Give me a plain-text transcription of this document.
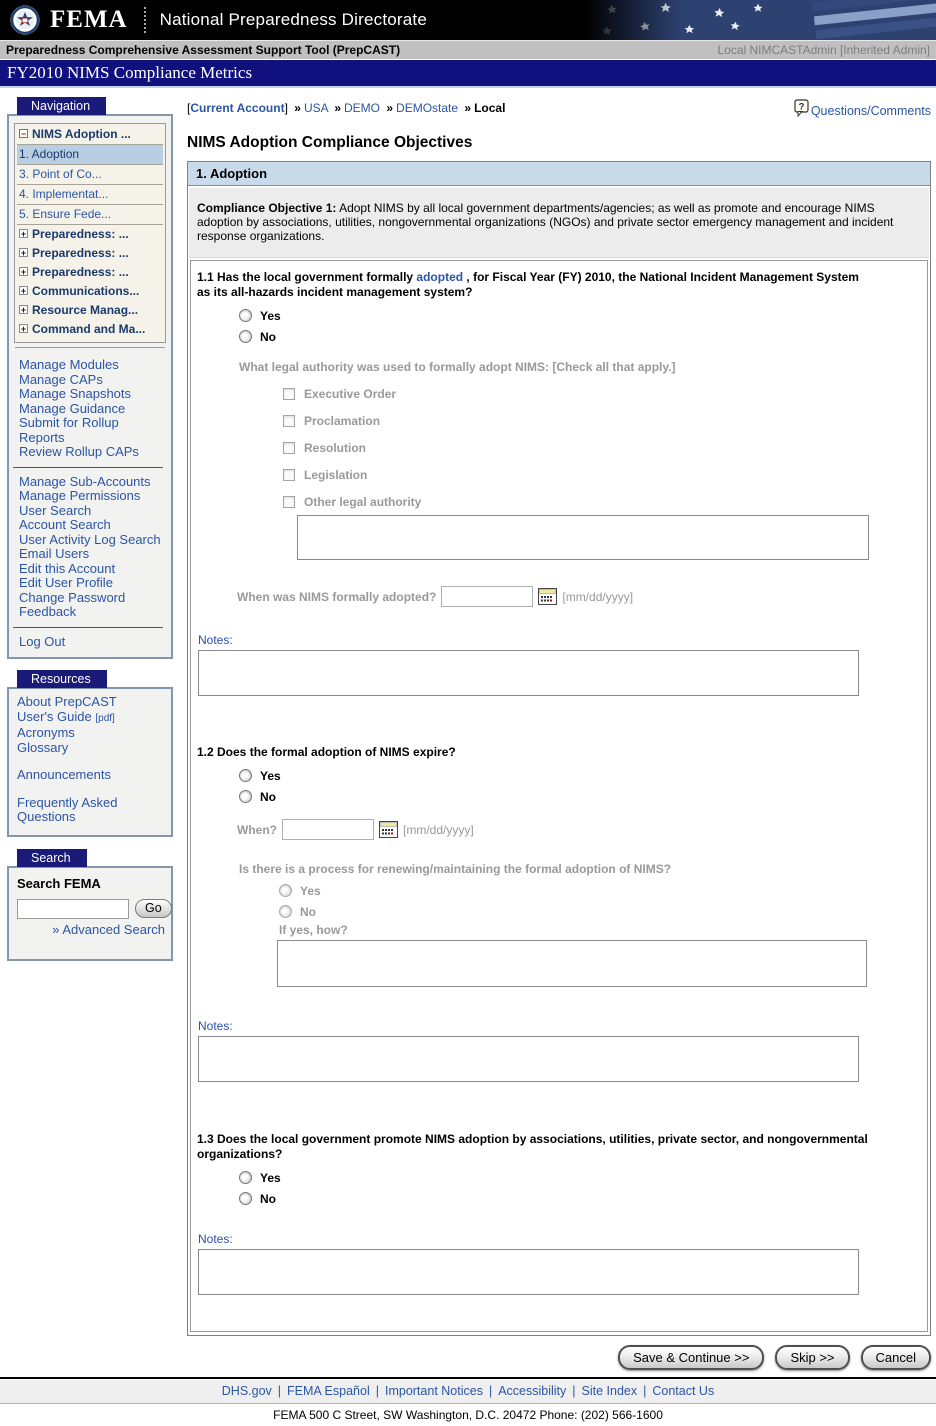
FEMA National Preparedness Directorate
Preparedness Comprehensive Assessment Support Tool (PrepCAST)	Local NIMCASTAdmin [Inherited Admin]
FY2010 NIMS Compliance Metrics
Navigation
− NIMS Adoption ...
1. Adoption
3. Point of Co...
4. Implementat...
5. Ensure Fede...
+ Preparedness: ...
+ Preparedness: ...
+ Preparedness: ...
+ Communications...
+ Resource Manag...
+ Command and Ma...
Manage Modules
Manage CAPs
Manage Snapshots
Manage Guidance
Submit for Rollup
Reports
Review Rollup CAPs
Manage Sub-Accounts
Manage Permissions
User Search
Account Search
User Activity Log Search
Email Users
Edit this Account
Edit User Profile
Change Password
Feedback
Log Out
Resources
About PrepCAST
User's Guide [pdf]
Acronyms
Glossary
Announcements
Frequently Asked Questions
Search
Search FEMA
Go
» Advanced Search
[Current Account] » USA » DEMO » DEMOstate » Local	? Questions/Comments
NIMS Adoption Compliance Objectives
1. Adoption
Compliance Objective 1: Adopt NIMS by all local government departments/agencies; as well as promote and encourage NIMS adoption by associations, utilities, nongovernmental organizations (NGOs) and private sector emergency management and incident response organizations.
1.1 Has the local government formally adopted , for Fiscal Year (FY) 2010, the National Incident Management System as its all-hazards incident management system?
Yes
No
What legal authority was used to formally adopt NIMS: [Check all that apply.]
Executive Order
Proclamation
Resolution
Legislation
Other legal authority
When was NIMS formally adopted?	[mm/dd/yyyy]
Notes:
1.2 Does the formal adoption of NIMS expire?
Yes
No
When?	[mm/dd/yyyy]
Is there is a process for renewing/maintaining the formal adoption of NIMS?
Yes
No
If yes, how?
Notes:
1.3 Does the local government promote NIMS adoption by associations, utilities, private sector, and nongovernmental organizations?
Yes
No
Notes:
Save & Continue >>	Skip >>	Cancel
DHS.gov | FEMA Español | Important Notices | Accessibility | Site Index | Contact Us
FEMA 500 C Street, SW Washington, D.C. 20472 Phone: (202) 566-1600
